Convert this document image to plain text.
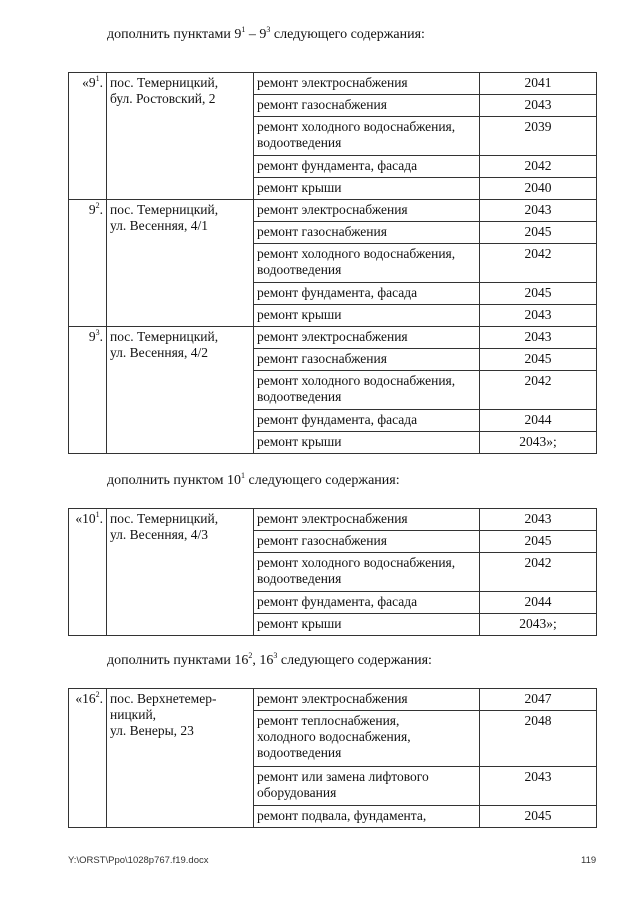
дополнить пунктами $9^1 - 9^3$ следующего содержания:

«$9^1$.	пос. Темерницкий,
бул. Ростовский, 2	ремонт электроснабжения	2041

		ремонт газоснабжения	2043

		ремонт холодного водоснабжения,
водоотведения	2039

		ремонт фундамента, фасада	2042

		ремонт крыши	2040
$9^2$.	пос. Темерницкий,
ул. Весенняя, 4/1	ремонт электроснабжения	2043

		ремонт газоснабжения	2045

		ремонт холодного водоснабжения,
водоотведения	2042

		ремонт фундамента, фасада	2045

		ремонт крыши	2043
$9^3$.	пос. Темерницкий,
ул. Весенняя, 4/2	ремонт электроснабжения	2043

		ремонт газоснабжения	2045

		ремонт холодного водоснабжения,
водоотведения	2042

		ремонт фундамента, фасада	2044

		ремонт крыши	2043»;

дополнить пунктом $10^1$ следующего содержания:

«$10^1$.	пос. Темерницкий,
ул. Весенняя, 4/3	ремонт электроснабжения	2043

		ремонт газоснабжения	2045

		ремонт холодного водоснабжения,
водоотведения	2042

		ремонт фундамента, фасада	2044

		ремонт крыши	2043»;

дополнить пунктами $16^2$, $16^3$ следующего содержания:

«$16^2$.	пос. Верхнетемер-
ницкий,
ул. Венеры, 23	ремонт электроснабжения	2047

		ремонт теплоснабжения,
холодного водоснабжения,
водоотведения	2048

		ремонт или замена лифтового
оборудования	2043

		ремонт подвала, фундамента,	2045
Y:\ORST\Ppo\1028p767.f19.docx	119
